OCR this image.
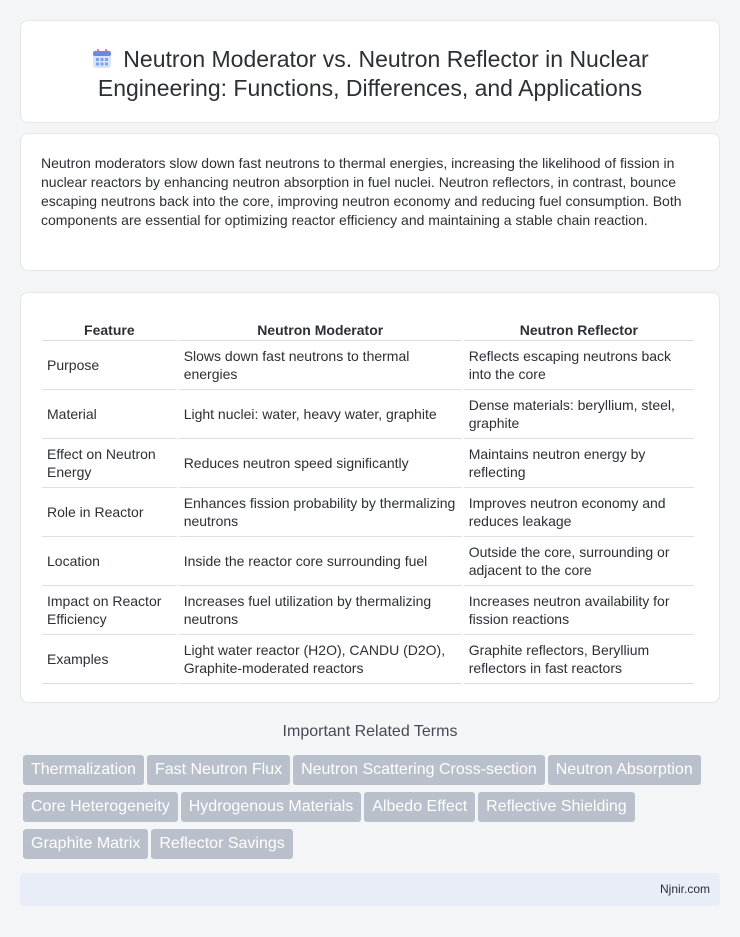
Neutron Moderator vs. Neutron Reflector in Nuclear Engineering: Functions, Differences, and Applications

Neutron moderators slow down fast neutrons to thermal energies, increasing the likelihood of fission in nuclear reactors by enhancing neutron absorption in fuel nuclei. Neutron reflectors, in contrast, bounce escaping neutrons back into the core, improving neutron economy and reducing fuel consumption. Both components are essential for optimizing reactor efficiency and maintaining a stable chain reaction.

Feature	Neutron Moderator	Neutron Reflector
Purpose	Slows down fast neutrons to thermal energies	Reflects escaping neutrons back into the core
Material	Light nuclei: water, heavy water, graphite	Dense materials: beryllium, steel, graphite
Effect on Neutron Energy	Reduces neutron speed significantly	Maintains neutron energy by reflecting
Role in Reactor	Enhances fission probability by thermalizing neutrons	Improves neutron economy and reduces leakage
Location	Inside the reactor core surrounding fuel	Outside the core, surrounding or adjacent to the core
Impact on Reactor Efficiency	Increases fuel utilization by thermalizing neutrons	Increases neutron availability for fission reactions
Examples	Light water reactor (H2O), CANDU (D2O), Graphite-moderated reactors	Graphite reflectors, Beryllium reflectors in fast reactors
Important Related Terms
Thermalization Fast Neutron Flux Neutron Scattering Cross-section Neutron Absorption
Core Heterogeneity Hydrogenous Materials Albedo Effect Reflective Shielding
Graphite Matrix Reflector Savings
Njnir.com
